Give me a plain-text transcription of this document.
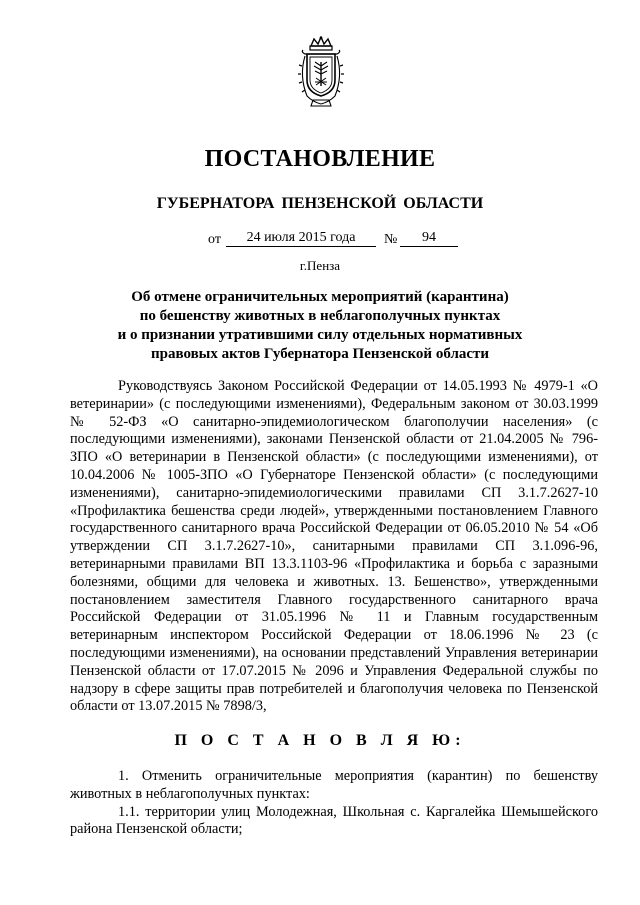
ПОСТАНОВЛЕНИЕ
ГУБЕРНАТОРА ПЕНЗЕНСКОЙ ОБЛАСТИ
от	24 июля 2015 года	№	94
г.Пенза
Об отмене ограничительных мероприятий (карантина)
по бешенству животных в неблагополучных пунктах
и о признании утратившими силу отдельных нормативных
правовых актов Губернатора Пензенской области

Руководствуясь Законом Российской Федерации от 14.05.1993 № 4979-1 «О ветеринарии» (с последующими изменениями), Федеральным законом от 30.03.1999 № 52-ФЗ «О санитарно-эпидемиологическом благополучии населения» (с последующими изменениями), законами Пензенской области от 21.04.2005 № 796-ЗПО «О ветеринарии в Пензенской области» (с последующими изменениями), от 10.04.2006 № 1005-ЗПО «О Губернаторе Пензенской области» (с последующими изменениями), санитарно-эпидемиологическими правилами СП 3.1.7.2627-10 «Профилактика бешенства среди людей», утвержденными постановлением Главного государственного санитарного врача Российской Федерации от 06.05.2010 № 54 «Об утверждении СП 3.1.7.2627-10», санитарными правилами СП 3.1.096-96, ветеринарными правилами ВП 13.3.1103-96 «Профилактика и борьба с заразными болезнями, общими для человека и животных. 13. Бешенство», утвержденными постановлением заместителя Главного государственного санитарного врача Российской Федерации от 31.05.1996 № 11 и Главным государственным ветеринарным инспектором Российской Федерации от 18.06.1996 № 23 (с последующими изменениями), на основании представлений Управления ветеринарии Пензенской области от 17.07.2015 № 2096 и Управления Федеральной службы по надзору в сфере защиты прав потребителей и благополучия человека по Пензенской области от 13.07.2015 № 7898/3,

П О С Т А Н О В Л Я Ю:

1. Отменить ограничительные мероприятия (карантин) по бешенству животных в неблагополучных пунктах:

1.1. территории улиц Молодежная, Школьная с. Каргалейка Шемышейского района Пензенской области;
